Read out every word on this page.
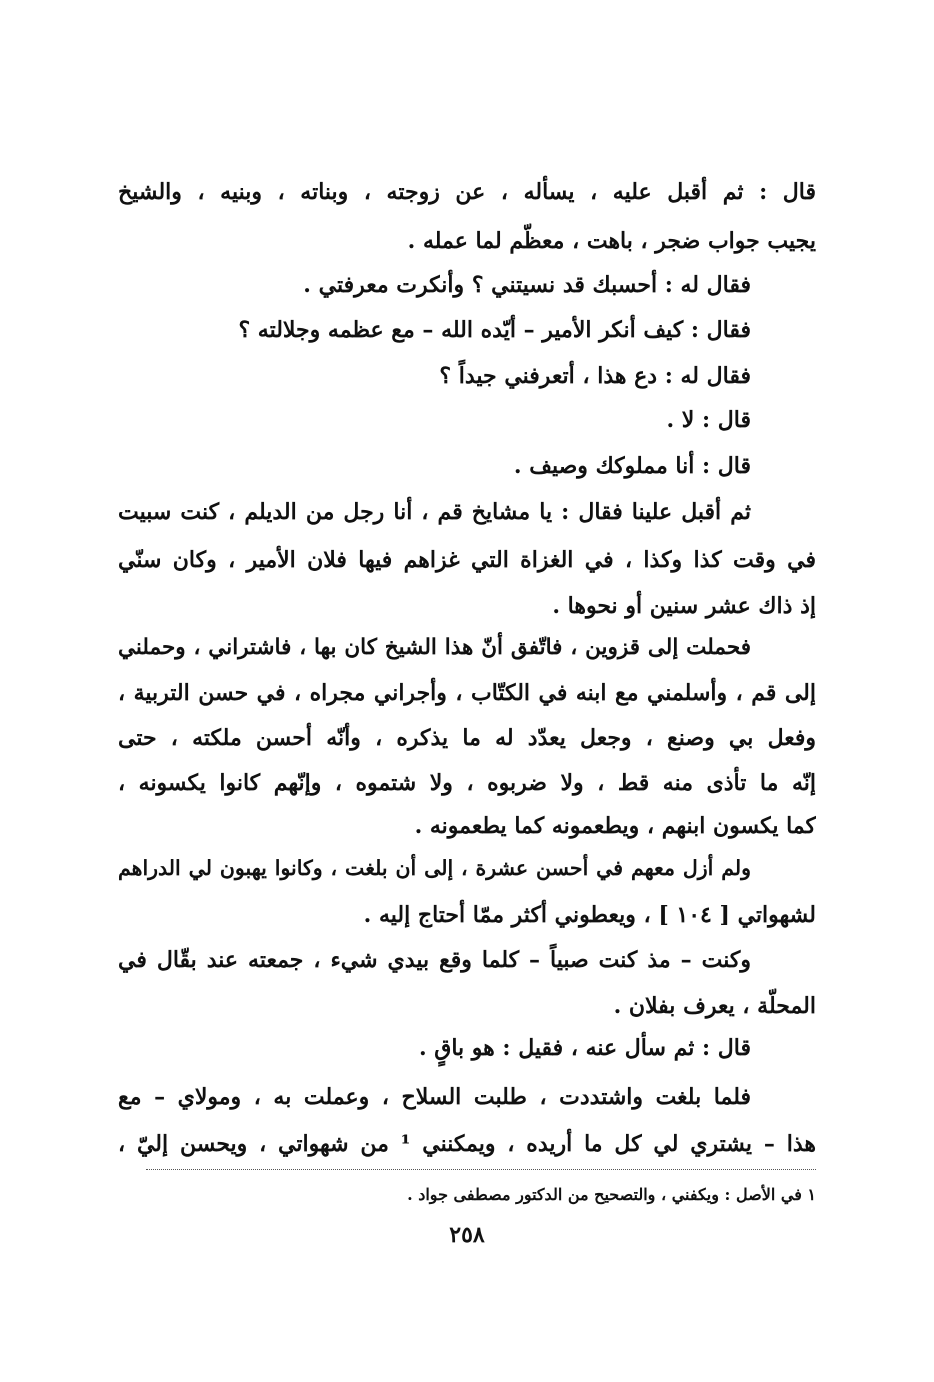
قال : ثم أقبل عليه ، يسأله ، عن زوجته ، وبناته ، وبنيه ، والشيخ
يجيب جواب ضجر ، باهت ، معظّم لما عمله .
فقال له : أحسبك قد نسيتني ؟ وأنكرت معرفتي .
فقال : كيف أنكر الأمير – أيّده الله – مع عظمه وجلالته ؟
فقال له : دع هذا ، أتعرفني جيداً ؟
قال : لا .
قال : أنا مملوكك وصيف .
ثم أقبل علينا فقال : يا مشايخ قم ، أنا رجل من الديلم ، كنت سبيت
في وقت كذا وكذا ، في الغزاة التي غزاهم فيها فلان الأمير ، وكان سنّي
إذ ذاك عشر سنين أو نحوها .
فحملت إلى قزوين ، فاتّفق أنّ هذا الشيخ كان بها ، فاشتراني ، وحملني
إلى قم ، وأسلمني مع ابنه في الكتّاب ، وأجراني مجراه ، في حسن التربية ،
وفعل بي وصنع ، وجعل يعدّد له ما يذكره ، وأنّه أحسن ملكته ، حتى
إنّه ما تأذى منه قط ، ولا ضربوه ، ولا شتموه ، وإنّهم كانوا يكسونه ،
كما يكسون ابنهم ، ويطعمونه كما يطعمونه .
ولم أزل معهم في أحسن عشرة ، إلى أن بلغت ، وكانوا يهبون لي الدراهم
لشهواتي [ ١٠٤ ] ، ويعطوني أكثر ممّا أحتاج إليه .
وكنت – مذ كنت صبياً – كلما وقع بيدي شيء ، جمعته عند بقّال في
المحلّة ، يعرف بفلان .
قال : ثم سأل عنه ، فقيل : هو باقٍ .
فلما بلغت واشتددت ، طلبت السلاح ، وعملت به ، ومولاي – مع
هذا – يشتري لي كل ما أريده ، ويمكنني ¹ من شهواتي ، ويحسن إليّ ،
١ في الأصل : ويكفني ، والتصحيح من الدكتور مصطفى جواد .
٢٥٨
